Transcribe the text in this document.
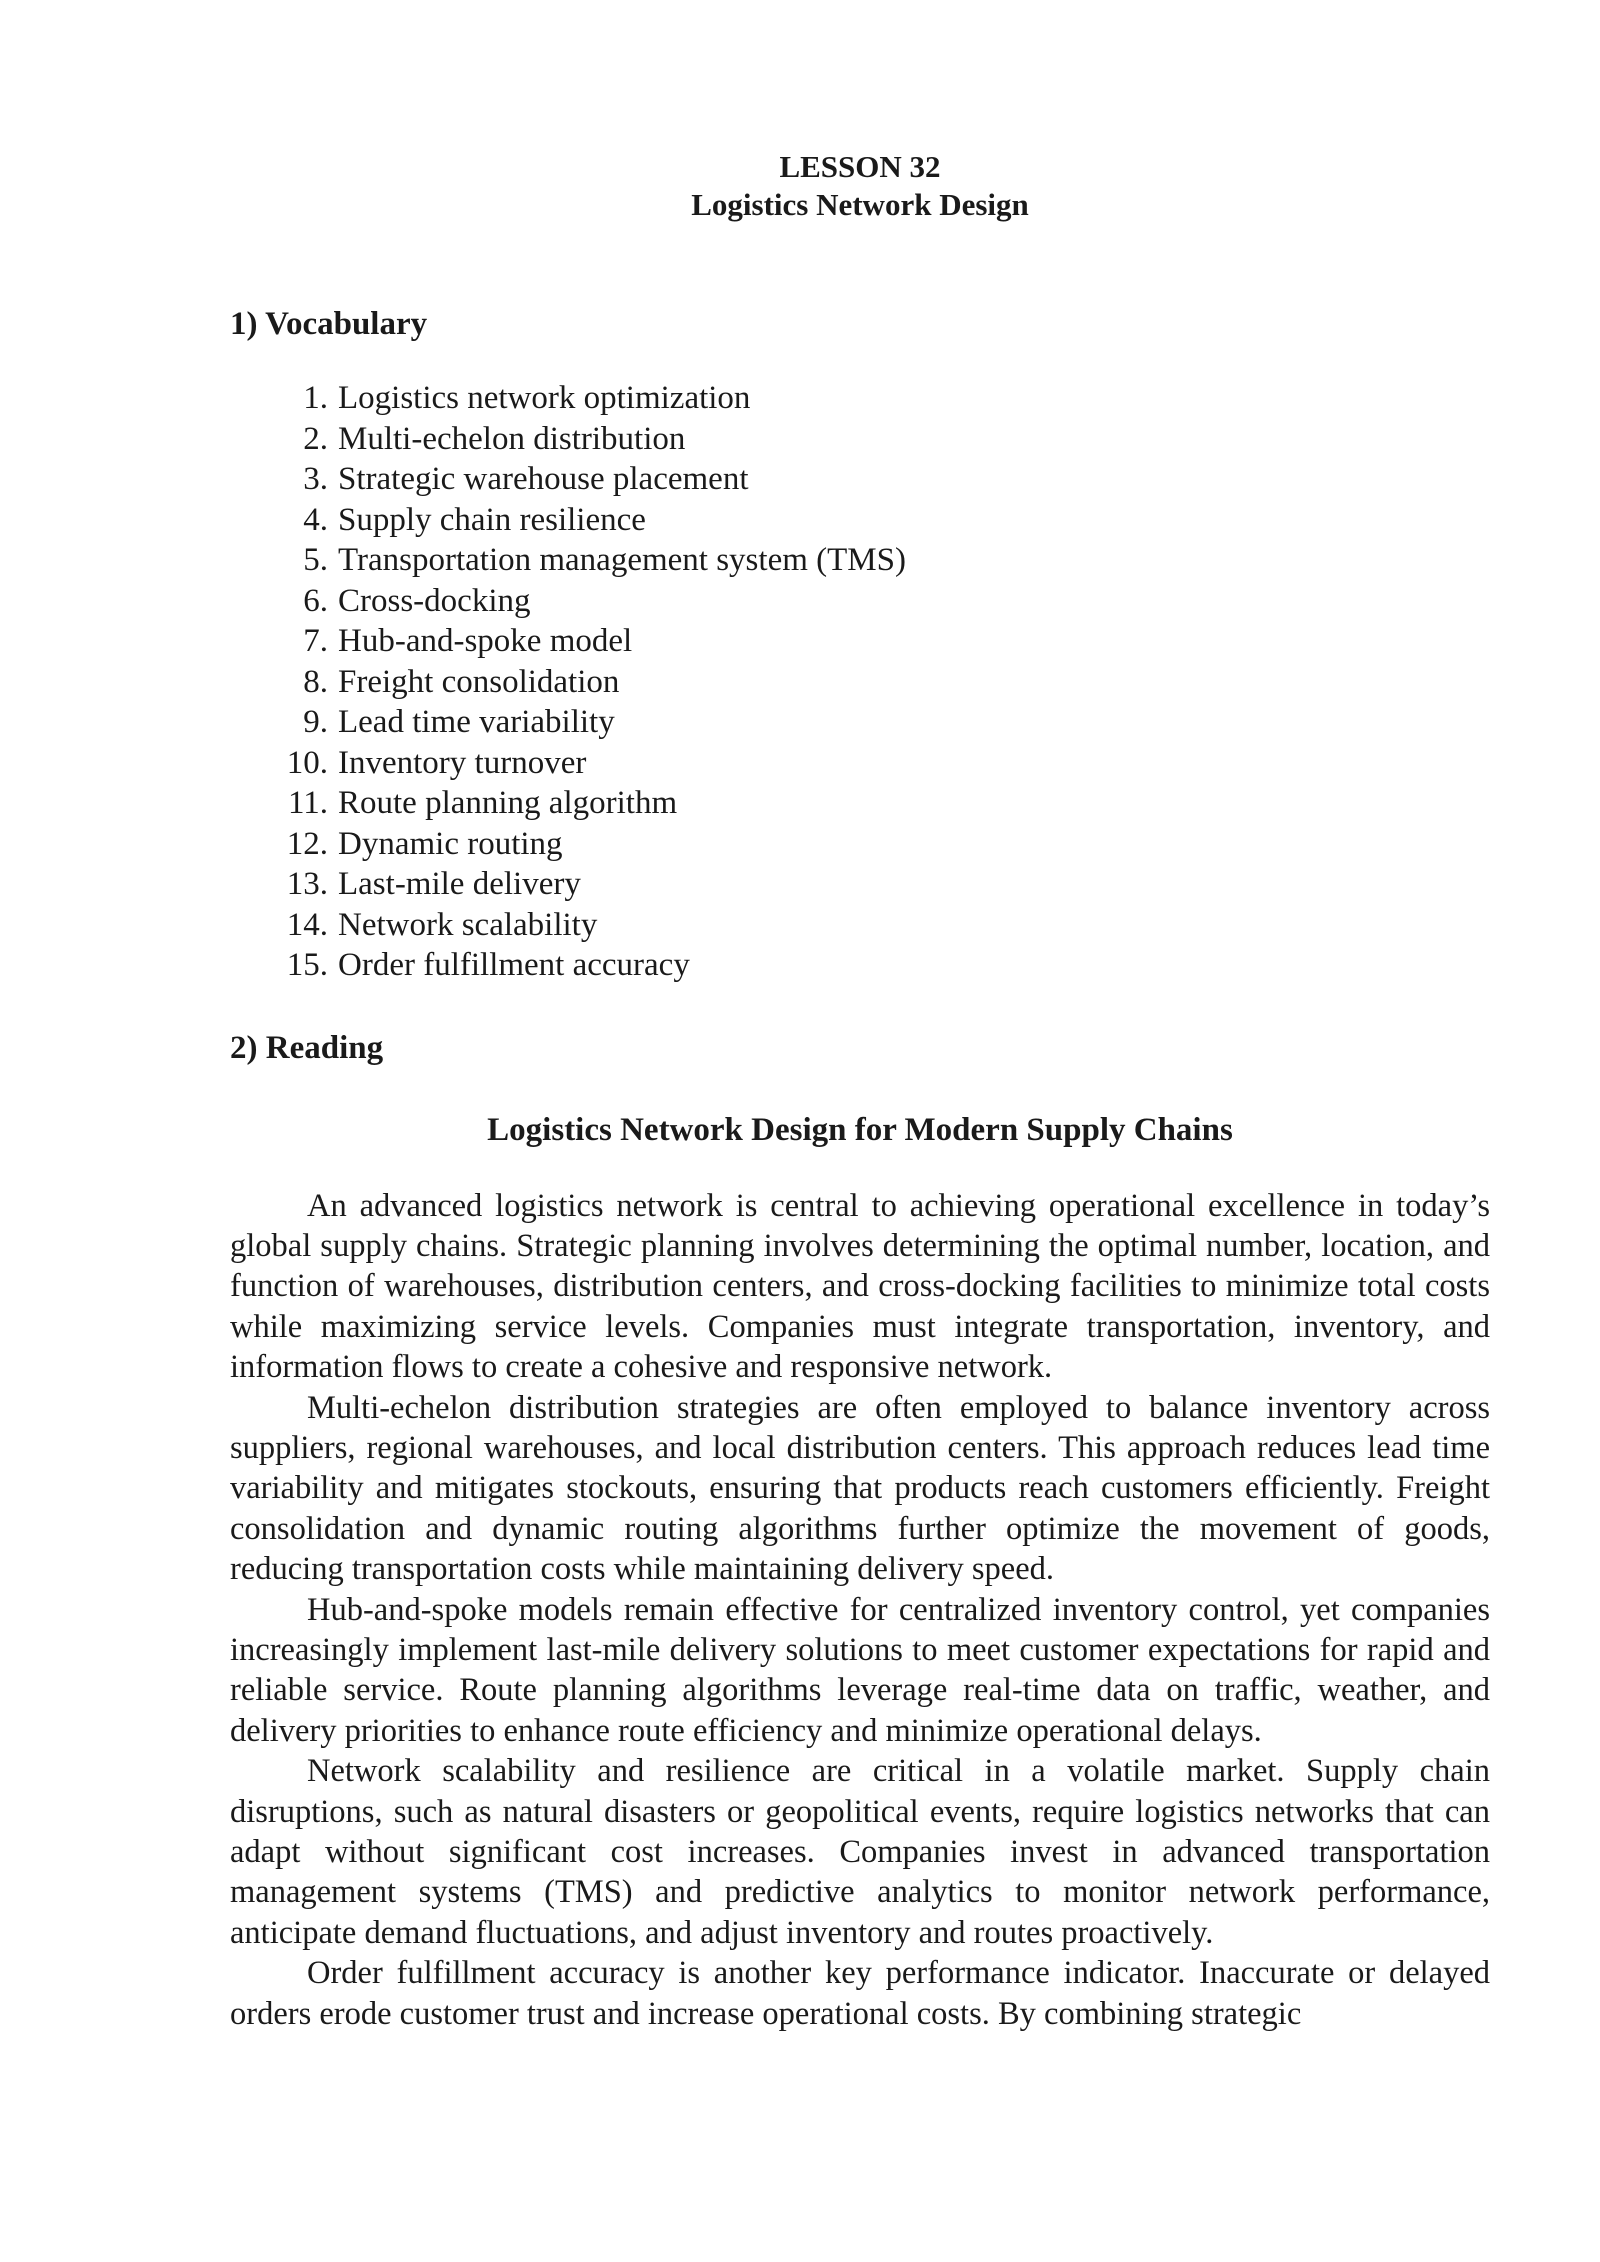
LESSON 32
Logistics Network Design
1) Vocabulary
1. Logistics network optimization
2. Multi-echelon distribution
3. Strategic warehouse placement
4. Supply chain resilience
5. Transportation management system (TMS)
6. Cross-docking
7. Hub-and-spoke model
8. Freight consolidation
9. Lead time variability
10. Inventory turnover
11. Route planning algorithm
12. Dynamic routing
13. Last-mile delivery
14. Network scalability
15. Order fulfillment accuracy
2) Reading
Logistics Network Design for Modern Supply Chains

An advanced logistics network is central to achieving operational excellence in today’s global supply chains. Strategic planning involves determining the optimal number, location, and function of warehouses, distribution centers, and cross-docking facilities to minimize total costs while maximizing service levels. Companies must integrate transportation, inventory, and information flows to create a cohesive and responsive network.

Multi-echelon distribution strategies are often employed to balance inventory across suppliers, regional warehouses, and local distribution centers. This approach reduces lead time variability and mitigates stockouts, ensuring that products reach customers efficiently. Freight consolidation and dynamic routing algorithms further optimize the movement of goods, reducing transportation costs while maintaining delivery speed.

Hub-and-spoke models remain effective for centralized inventory control, yet companies increasingly implement last-mile delivery solutions to meet customer expectations for rapid and reliable service. Route planning algorithms leverage real-time data on traffic, weather, and delivery priorities to enhance route efficiency and minimize operational delays.

Network scalability and resilience are critical in a volatile market. Supply chain disruptions, such as natural disasters or geopolitical events, require logistics networks that can adapt without significant cost increases. Companies invest in advanced transportation management systems (TMS) and predictive analytics to monitor network performance, anticipate demand fluctuations, and adjust inventory and routes proactively.

Order fulfillment accuracy is another key performance indicator. Inaccurate or delayed orders erode customer trust and increase operational costs. By combining strategic
